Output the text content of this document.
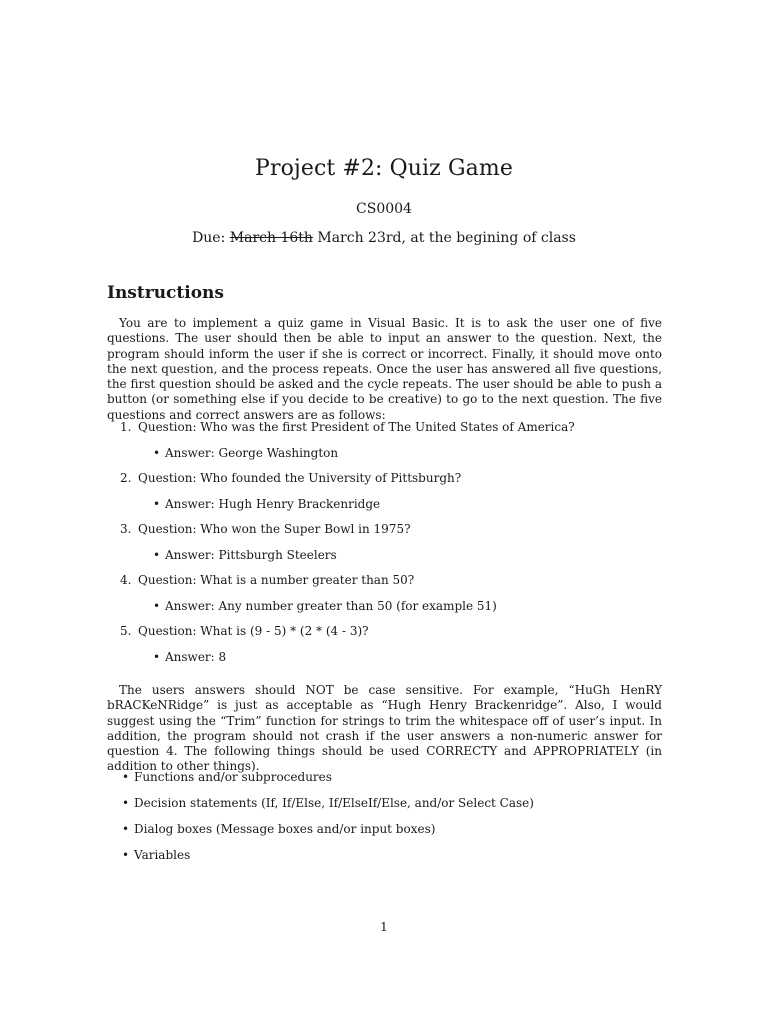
Project #2: Quiz Game
CS0004
Due: March 16th March 23rd, at the begining of class
Instructions
You are to implement a quiz game in Visual Basic. It is to ask the user one of five questions. The user should then be able to input an answer to the question. Next, the program should inform the user if she is correct or incorrect. Finally, it should move onto the next question, and the process repeats. Once the user has answered all five questions, the first question should be asked and the cycle repeats. The user should be able to push a button (or something else if you decide to be creative) to go to the next question. The five questions and correct answers are as follows:
1. Question: Who was the first President of The United States of America?
• Answer: George Washington
2. Question: Who founded the University of Pittsburgh?
• Answer: Hugh Henry Brackenridge
3. Question: Who won the Super Bowl in 1975?
• Answer: Pittsburgh Steelers
4. Question: What is a number greater than 50?
• Answer: Any number greater than 50 (for example 51)
5. Question: What is (9 - 5) * (2 * (4 - 3)?
• Answer: 8
The users answers should NOT be case sensitive. For example, “HuGh HenRY bRACKeNRidge” is just as acceptable as “Hugh Henry Brackenridge”. Also, I would suggest using the “Trim” function for strings to trim the whitespace off of user’s input. In addition, the program should not crash if the user answers a non-numeric answer for question 4. The following things should be used CORRECTY and APPROPRIATELY (in addition to other things).
• Functions and/or subprocedures
• Decision statements (If, If/Else, If/ElseIf/Else, and/or Select Case)
• Dialog boxes (Message boxes and/or input boxes)
• Variables
1
